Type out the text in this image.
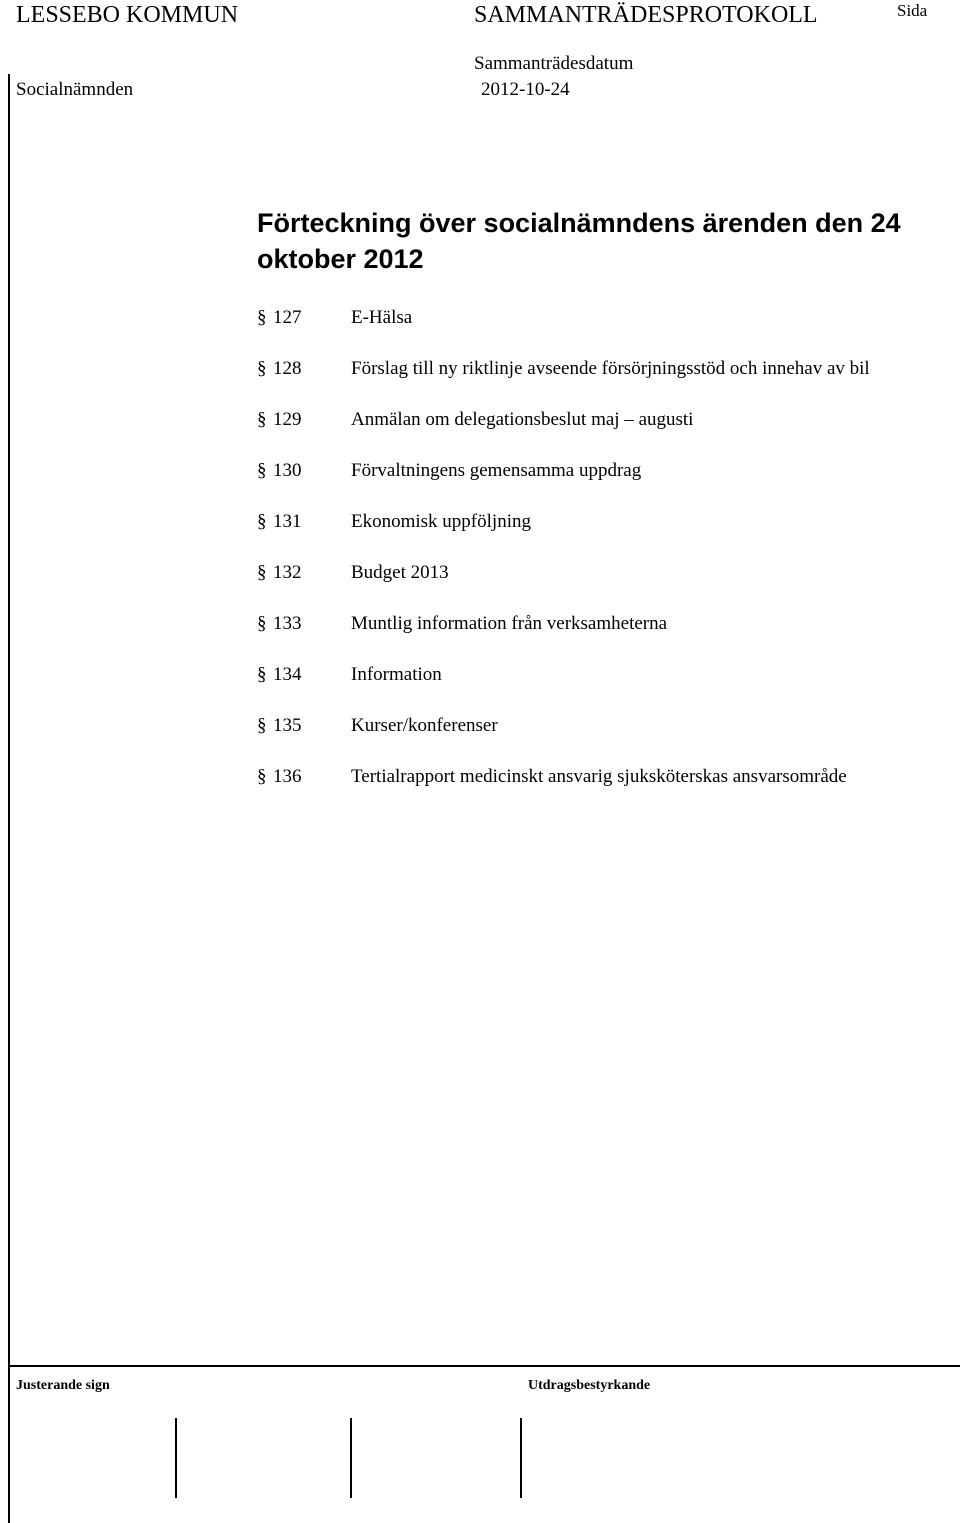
LESSEBO KOMMUN	SAMMANTRÄDESPROTOKOLL	Sida
Sammanträdesdatum
Socialnämnden	2012-10-24
Förteckning över socialnämndens ärenden den 24 oktober 2012
§ 127	E-Hälsa
§ 128	Förslag till ny riktlinje avseende försörjningsstöd och innehav av bil
§ 129	Anmälan om delegationsbeslut maj – augusti
§ 130	Förvaltningens gemensamma uppdrag
§ 131	Ekonomisk uppföljning
§ 132	Budget 2013
§ 133	Muntlig information från verksamheterna
§ 134	Information
§ 135	Kurser/konferenser
§ 136	Tertialrapport medicinskt ansvarig sjuksköterskas ansvarsområde
Justerande sign	Utdragsbestyrkande
